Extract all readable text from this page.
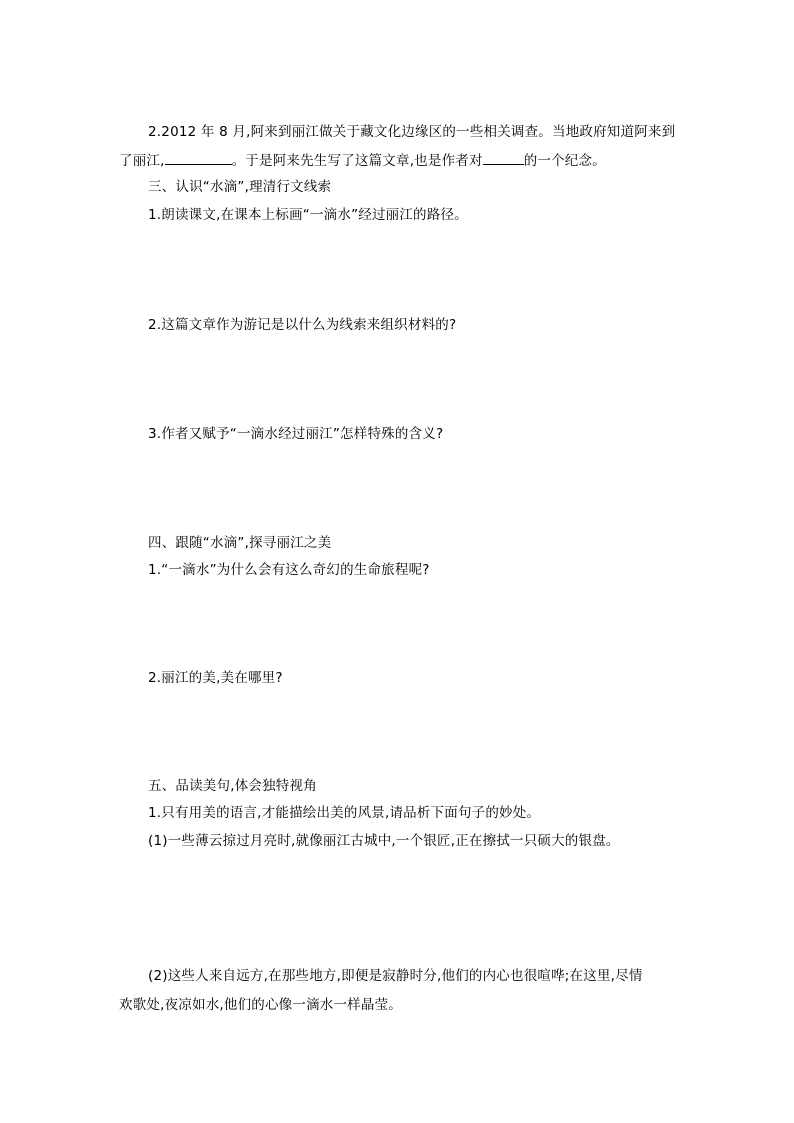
2.2012 年 8 月,阿来到丽江做关于藏文化边缘区的一些相关调查。当地政府知道阿来到
了丽江,	。于是阿来先生写了这篇文章,也是作者对	的一个纪念。
三、认识“水滴”,理清行文线索
1.朗读课文,在课本上标画“一滴水”经过丽江的路径。
2.这篇文章作为游记是以什么为线索来组织材料的?
3.作者又赋予“一滴水经过丽江”怎样特殊的含义?
四、跟随“水滴”,探寻丽江之美
1.“一滴水”为什么会有这么奇幻的生命旅程呢?
2.丽江的美,美在哪里?
五、品读美句,体会独特视角
1.只有用美的语言,才能描绘出美的风景,请品析下面句子的妙处。
(1)一些薄云掠过月亮时,就像丽江古城中,一个银匠,正在擦拭一只硕大的银盘。
(2)这些人来自远方,在那些地方,即便是寂静时分,他们的内心也很喧哗;在这里,尽情
欢歌处,夜凉如水,他们的心像一滴水一样晶莹。
